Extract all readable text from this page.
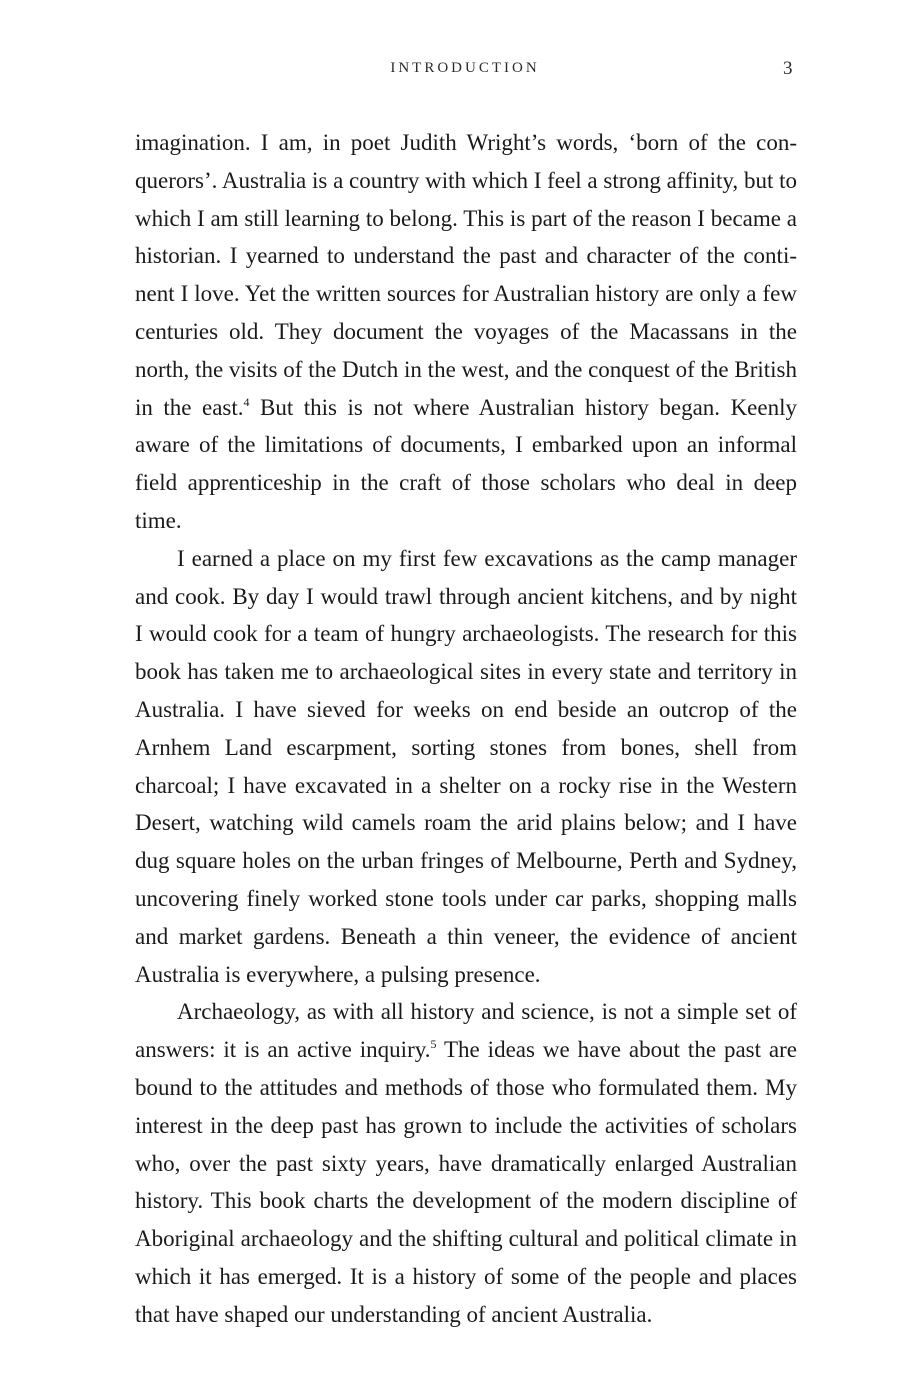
INTRODUCTION	3

imagination. I am, in poet Judith Wright’s words, ‘born of the conquerors’. Australia is a country with which I feel a strong affinity, but to which I am still learning to belong. This is part of the reason I became a historian. I yearned to understand the past and character of the continent I love. Yet the written sources for Australian history are only a few centuries old. They document the voyages of the Macassans in the north, the visits of the Dutch in the west, and the conquest of the British in the east.$^4$ But this is not where Australian history began. Keenly aware of the limitations of documents, I embarked upon an informal field apprenticeship in the craft of those scholars who deal in deep time.

I earned a place on my first few excavations as the camp manager and cook. By day I would trawl through ancient kitchens, and by night I would cook for a team of hungry archaeologists. The research for this book has taken me to archaeological sites in every state and territory in Australia. I have sieved for weeks on end beside an outcrop of the Arnhem Land escarpment, sorting stones from bones, shell from charcoal; I have excavated in a shelter on a rocky rise in the Western Desert, watching wild camels roam the arid plains below; and I have dug square holes on the urban fringes of Melbourne, Perth and Sydney, uncovering finely worked stone tools under car parks, shopping malls and market gardens. Beneath a thin veneer, the evidence of ancient Australia is everywhere, a pulsing presence.

Archaeology, as with all history and science, is not a simple set of answers: it is an active inquiry.$^5$ The ideas we have about the past are bound to the attitudes and methods of those who formulated them. My interest in the deep past has grown to include the activities of scholars who, over the past sixty years, have dramatically enlarged Australian history. This book charts the development of the modern discipline of Aboriginal archaeology and the shifting cultural and political climate in which it has emerged. It is a history of some of the people and places that have shaped our understanding of ancient Australia.
